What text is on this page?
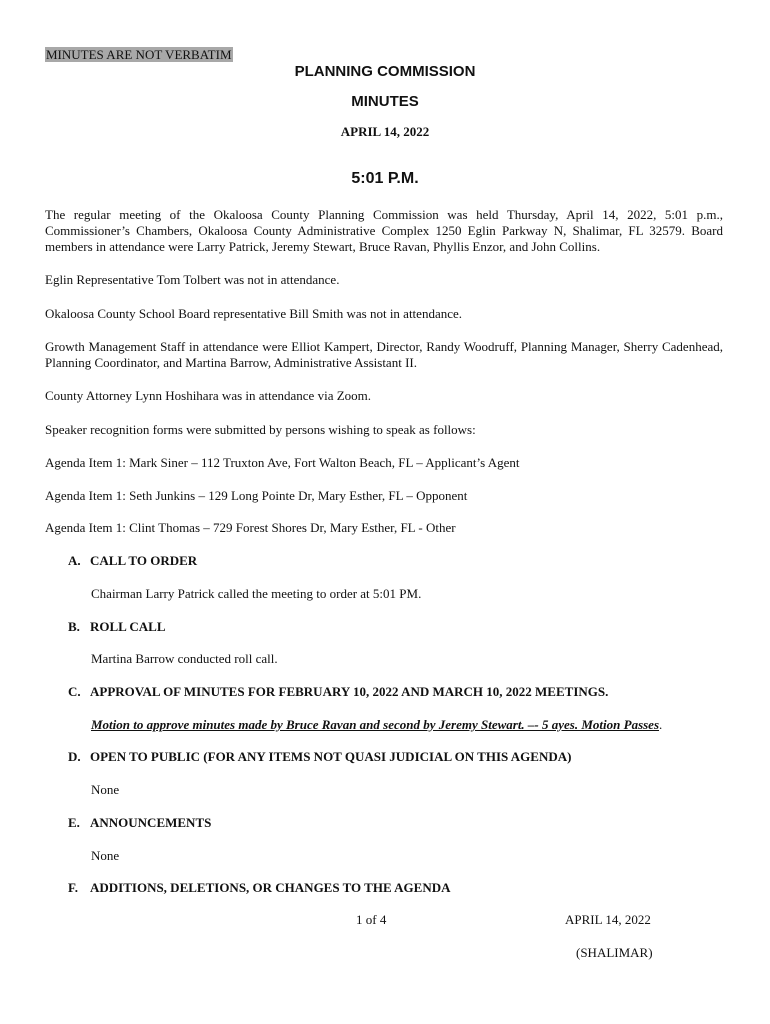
MINUTES ARE NOT VERBATIM
PLANNING COMMISSION
MINUTES
APRIL 14, 2022
5:01 P.M.
The regular meeting of the Okaloosa County Planning Commission was held Thursday, April 14, 2022, 5:01 p.m., Commissioner’s Chambers, Okaloosa County Administrative Complex 1250 Eglin Parkway N, Shalimar, FL 32579. Board members in attendance were Larry Patrick, Jeremy Stewart, Bruce Ravan, Phyllis Enzor, and John Collins.
Eglin Representative Tom Tolbert was not in attendance.
Okaloosa County School Board representative Bill Smith was not in attendance.
Growth Management Staff in attendance were Elliot Kampert, Director, Randy Woodruff, Planning Manager, Sherry Cadenhead, Planning Coordinator, and Martina Barrow, Administrative Assistant II.
County Attorney Lynn Hoshihara was in attendance via Zoom.
Speaker recognition forms were submitted by persons wishing to speak as follows:
Agenda Item 1: Mark Siner – 112 Truxton Ave, Fort Walton Beach, FL – Applicant’s Agent
Agenda Item 1: Seth Junkins – 129 Long Pointe Dr, Mary Esther, FL – Opponent
Agenda Item 1: Clint Thomas – 729 Forest Shores Dr, Mary Esther, FL - Other
A. CALL TO ORDER
Chairman Larry Patrick called the meeting to order at 5:01 PM.
B. ROLL CALL
Martina Barrow conducted roll call.
C. APPROVAL OF MINUTES FOR FEBRUARY 10, 2022 AND MARCH 10, 2022 MEETINGS.
Motion to approve minutes made by Bruce Ravan and second by Jeremy Stewart. –- 5 ayes. Motion Passes.
D. OPEN TO PUBLIC (FOR ANY ITEMS NOT QUASI JUDICIAL ON THIS AGENDA)
None
E. ANNOUNCEMENTS
None
F. ADDITIONS, DELETIONS, OR CHANGES TO THE AGENDA
1 of 4	APRIL 14, 2022
(SHALIMAR)
